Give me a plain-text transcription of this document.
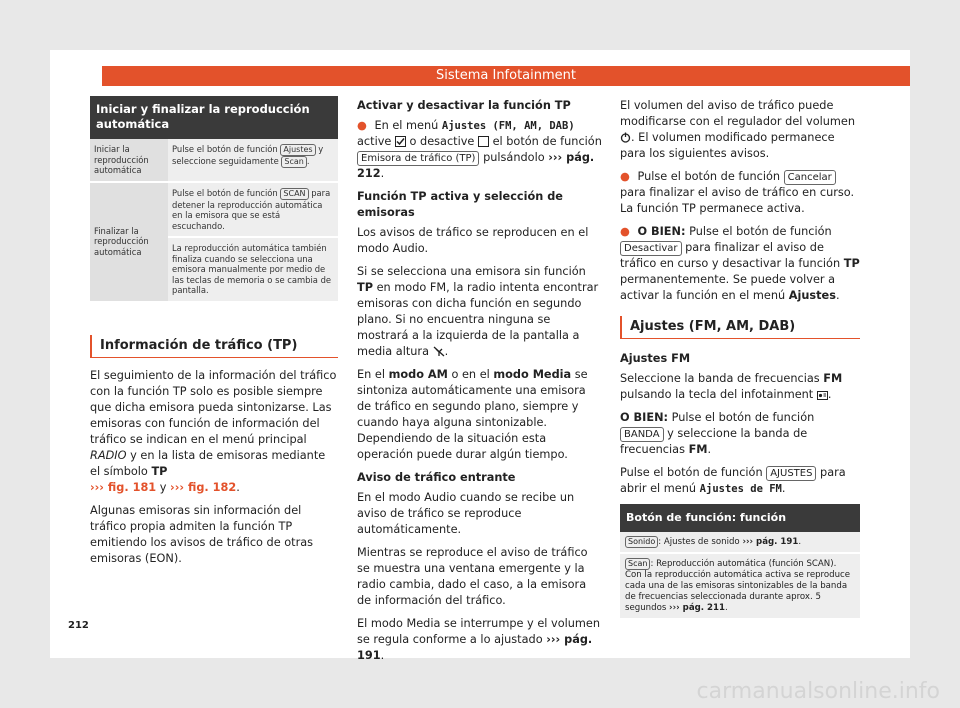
Sistema Infotainment
Iniciar y finalizar la reproducción automática
Iniciar la reproducción automática	Pulse el botón de función Ajustes y seleccione seguidamente Scan .
Finalizar la reproducción automática	Pulse el botón de función SCAN para detener la reproducción automática en la emisora que se está escuchando.
	La reproducción automática también finaliza cuando se selecciona una emisora manualmente por medio de las teclas de memoria o se cambia de pantalla.
Información de tráfico (TP)

El seguimiento de la información del tráfico con la función TP solo es posible siempre que dicha emisora pueda sintonizarse. Las emisoras con función de información del tráfico se indican en el menú principal RADIO y en la lista de emisoras mediante el símbolo TP
››› fig. 181 y ››› fig. 182.

Algunas emisoras sin información del tráfico propia admiten la función TP emitiendo los avisos de tráfico de otras emisoras (EON).

Activar y desactivar la función TP

● En el menú Ajustes (FM, AM, DAB) active o desactive el botón de función Emisora de tráfico (TP) pulsándolo ››› pág. 212.

Función TP activa y selección de emisoras

Los avisos de tráfico se reproducen en el modo Audio.

Si se selecciona una emisora sin función TP en modo FM, la radio intenta encontrar emisoras con dicha función en segundo plano. Si no encuentra ninguna se mostrará a la izquierda de la pantalla a media altura .

En el modo AM o en el modo Media se sintoniza automáticamente una emisora de tráfico en segundo plano, siempre y cuando haya alguna sintonizable. Dependiendo de la situación esta operación puede durar algún tiempo.

Aviso de tráfico entrante

En el modo Audio cuando se recibe un aviso de tráfico se reproduce automáticamente.

Mientras se reproduce el aviso de tráfico se muestra una ventana emergente y la radio cambia, dado el caso, a la emisora de información del tráfico.

El modo Media se interrumpe y el volumen se regula conforme a lo ajustado ››› pág. 191.

El volumen del aviso de tráfico puede modificarse con el regulador del volumen . El volumen modificado permanece para los siguientes avisos.

● Pulse el botón de función Cancelar para finalizar el aviso de tráfico en curso. La función TP permanece activa.

● O BIEN: Pulse el botón de función Desactivar para finalizar el aviso de tráfico en curso y desactivar la función TP permanentemente. Se puede volver a activar la función en el menú Ajustes.

Ajustes (FM, AM, DAB)

Ajustes FM

Seleccione la banda de frecuencias FM pulsando la tecla del infotainment .

O BIEN: Pulse el botón de función BANDA y seleccione la banda de frecuencias FM.

Pulse el botón de función AJUSTES para abrir el menú Ajustes de FM.

Botón de función: función
Sonido : Ajustes de sonido ››› pág. 191.
Scan : Reproducción automática (función SCAN). Con la reproducción automática activa se reproduce cada una de las emisoras sintonizables de la banda de frecuencias seleccionada durante aprox. 5 segundos ››› pág. 211.
212
carmanualsonline.info
